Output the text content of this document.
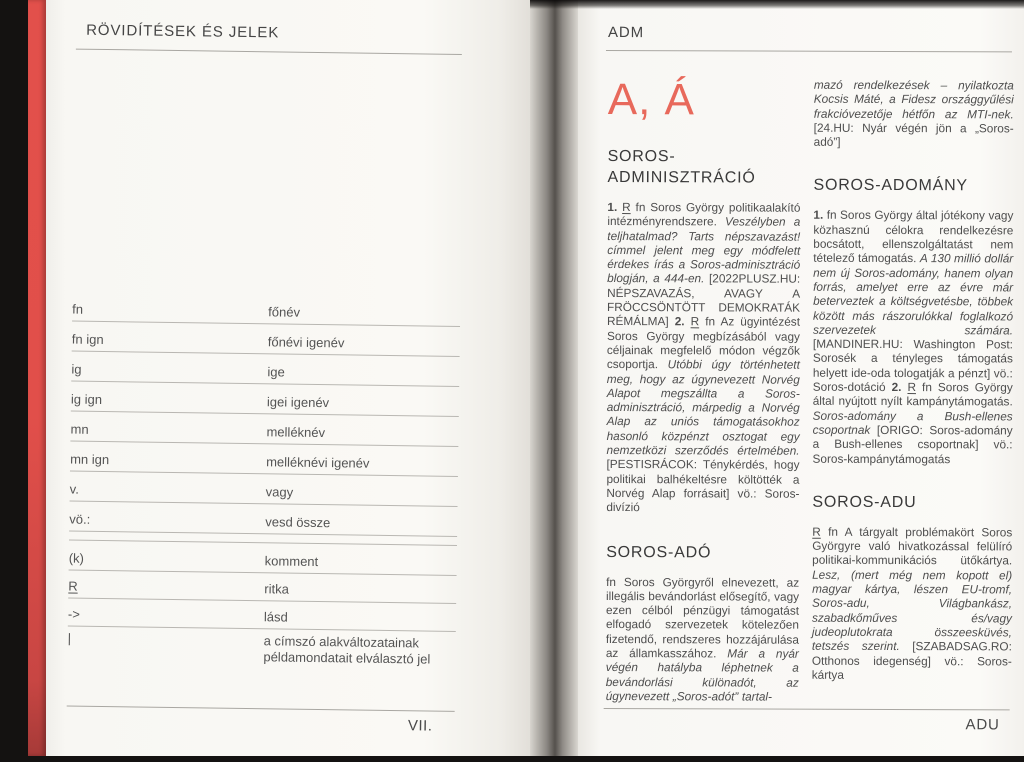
RÖVIDÍTÉSEK ÉS JELEK
fn	főnév
fn ign	főnévi igenév
ig	ige
ig ign	igei igenév
mn	melléknév
mn ign	melléknévi igenév
v.	vagy
vö.:	vesd össze
(k)	komment
R	ritka
->	lásd
|	a címszó alakváltozatainak példamondatait elválasztó jel
VII.
ADM
A, Á
SOROS-ADMINISZTRÁCIÓ

1. R fn Soros György politikaalakító intézményrendszere. Veszélyben a teljhatalmad? Tarts népszavazást! címmel jelent meg egy módfelett érdekes írás a Soros-adminisztráció blogján, a 444-en. [2022PLUSZ.HU: NÉPSZAVAZÁS, AVAGY A FRÖCCSÖNTÖTT DEMOKRATÁK RÉMÁLMA] 2. R fn Az ügyintézést Soros György megbízásából vagy céljainak megfelelő módon végzők csoportja. Utóbbi úgy történhetett meg, hogy az úgynevezett Norvég Alapot megszállta a Soros-adminisztráció, márpedig a Norvég Alap az uniós támogatásokhoz hasonló közpénzt osztogat egy nemzetközi szerződés értelmében.[PESTISRÁCOK: Ténykérdés, hogy politikai balhékeltésre költötték a Norvég Alap forrásait] vö.: Soros-divízió

SOROS-ADÓ

fn Soros Györgyről elnevezett, az illegális bevándorlást elősegítő, vagy ezen célból pénzügyi támogatást elfogadó szervezetek kötelezően fizetendő, rendszeres hozzájárulása az államkasszához. Már a nyár végén hatályba léphetnek a bevándorlási különadót, az úgynevezett „Soros-adót” tartal-

mazó rendelkezések – nyilatkozta Kocsis Máté, a Fidesz országgyűlési frakcióvezetője hétfőn az MTI-nek. [24.HU: Nyár végén jön a „Soros-adó”]

SOROS-ADOMÁNY

1. fn Soros György által jótékony vagy közhasznú célokra rendelkezésre bocsátott, ellenszolgáltatást nem tételező támogatás. A 130 millió dollár nem új Soros-adomány, hanem olyan forrás, amelyet erre az évre már beterveztek a költségvetésbe, többek között más rászorulókkal foglalkozó szervezetek számára. [MANDINER.HU: Washington Post: Sorosék a tényleges támogatás helyett ide-oda tologatják a pénzt] vö.: Soros-dotáció 2. R fn Soros György által nyújtott nyílt kampánytámogatás. Soros-adomány a Bush-ellenes csoportnak [ORIGO: Soros-adomány a Bush-ellenes csoportnak] vö.: Soros-kampánytámogatás

SOROS-ADU

R fn A tárgyalt problémakört Soros Györgyre való hivatkozással felülíró politikai-kommunikációs ütőkártya. Lesz, (mert még nem kopott el) magyar kártya, lészen EU-tromf, Soros-adu, Világbankász, szabadkőműves és/vagy judeoplutokrata összeesküvés, tetszés szerint. [SZABADSAG.RO: Otthonos idegenség] vö.: Soros-kártya

ADU
